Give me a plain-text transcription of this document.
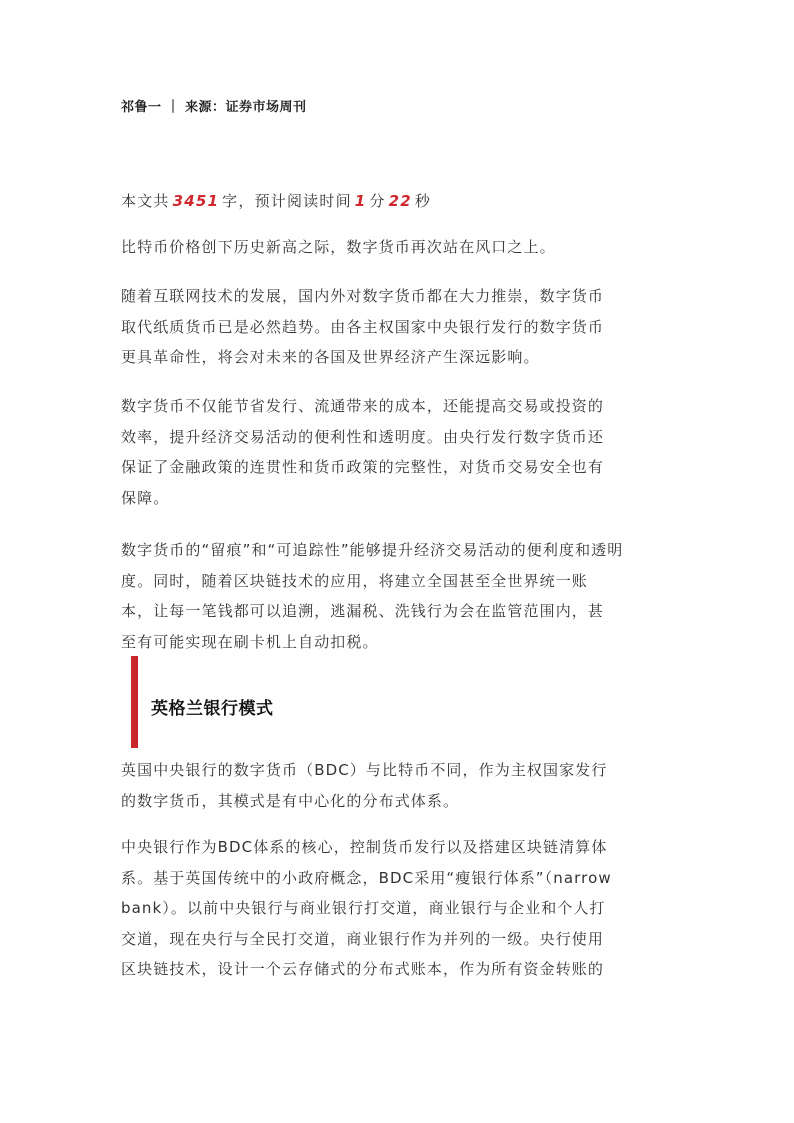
祁鲁一 ｜ 来源：证券市场周刊
本文共 3451 字，预计阅读时间 1 分 22 秒
比特币价格创下历史新高之际，数字货币再次站在风口之上。
随着互联网技术的发展，国内外对数字货币都在大力推崇，数字货币
取代纸质货币已是必然趋势。由各主权国家中央银行发行的数字货币
更具革命性，将会对未来的各国及世界经济产生深远影响。
数字货币不仅能节省发行、流通带来的成本，还能提高交易或投资的
效率，提升经济交易活动的便利性和透明度。由央行发行数字货币还
保证了金融政策的连贯性和货币政策的完整性，对货币交易安全也有
保障。
数字货币的“留痕”和“可追踪性”能够提升经济交易活动的便利度和透明
度。同时，随着区块链技术的应用，将建立全国甚至全世界统一账
本，让每一笔钱都可以追溯，逃漏税、洗钱行为会在监管范围内，甚
至有可能实现在刷卡机上自动扣税。
英格兰银行模式
英国中央银行的数字货币（BDC）与比特币不同，作为主权国家发行
的数字货币，其模式是有中心化的分布式体系。
中央银行作为BDC体系的核心，控制货币发行以及搭建区块链清算体
系。基于英国传统中的小政府概念，BDC采用“瘦银行体系”（narrow
bank）。以前中央银行与商业银行打交道，商业银行与企业和个人打
交道，现在央行与全民打交道，商业银行作为并列的一级。央行使用
区块链技术，设计一个云存储式的分布式账本，作为所有资金转账的
